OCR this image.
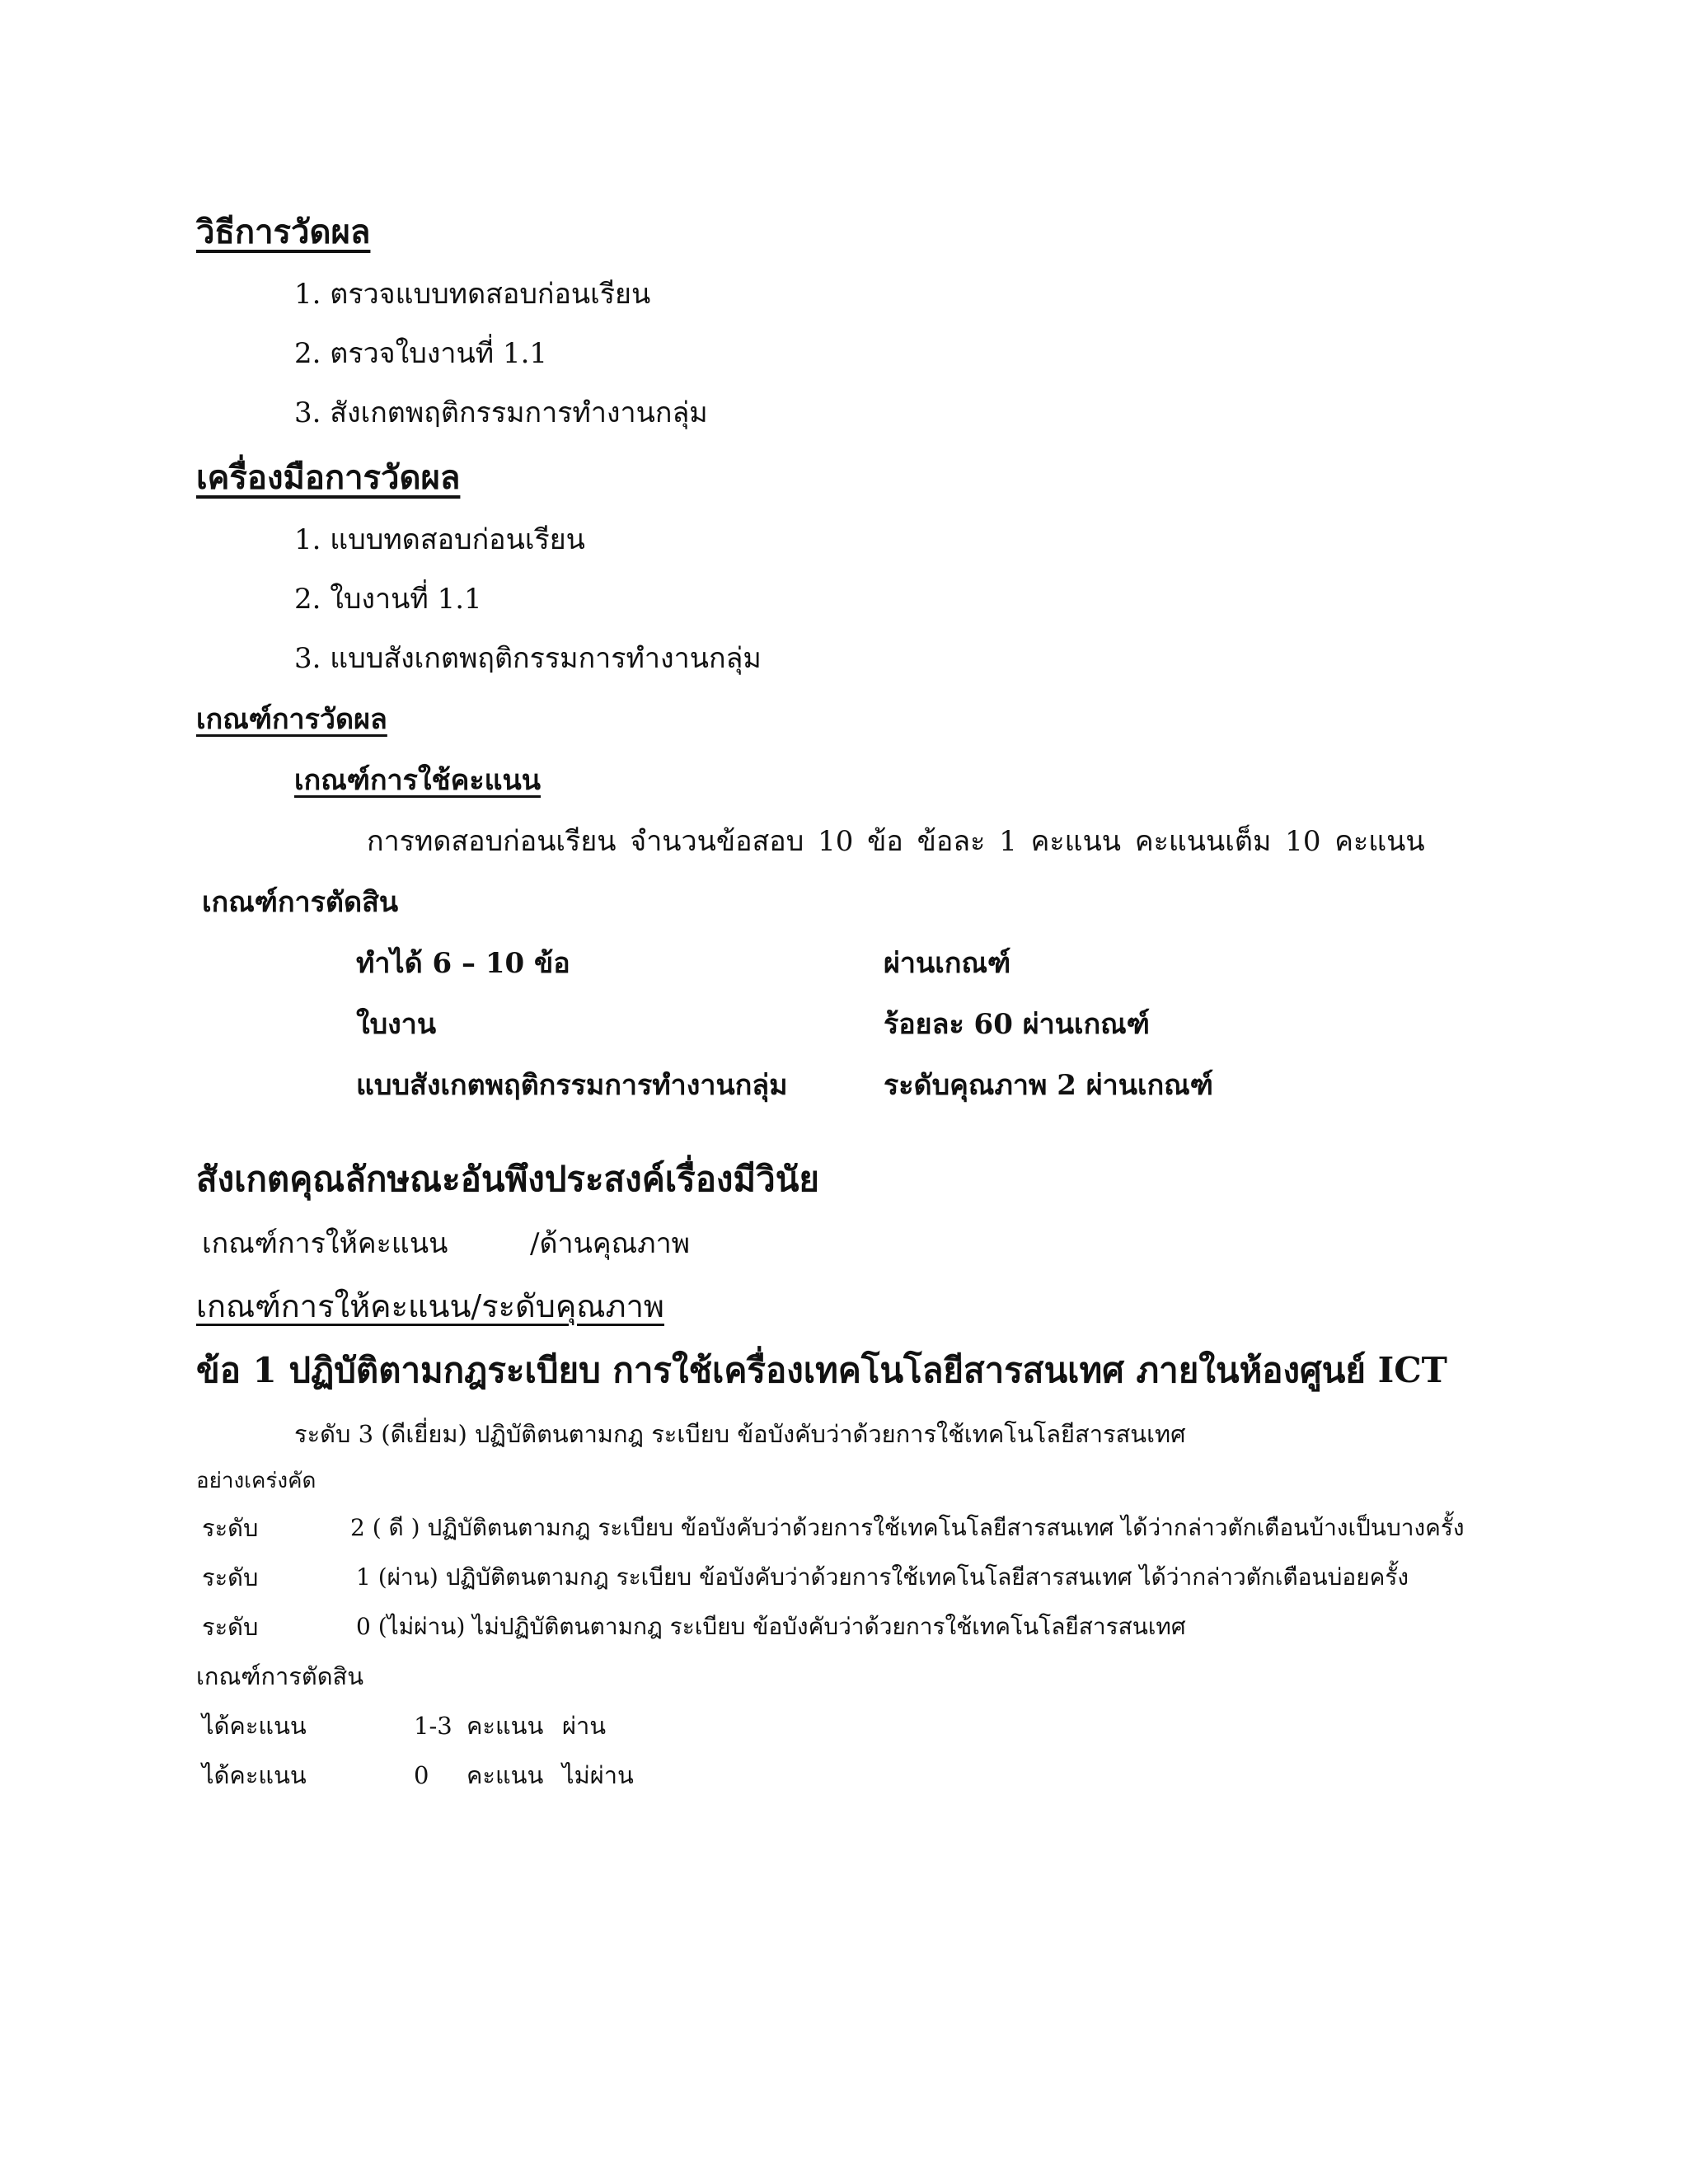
วิธีการวัดผล
1. ตรวจแบบทดสอบก่อนเรียน
2. ตรวจใบงานที่ 1.1
3. สังเกตพฤติกรรมการทำงานกลุ่ม
เครื่องมือการวัดผล
1. แบบทดสอบก่อนเรียน
2. ใบงานที่ 1.1
3. แบบสังเกตพฤติกรรมการทำงานกลุ่ม
เกณฑ์การวัดผล
เกณฑ์การใช้คะแนน
การทดสอบก่อนเรียน จำนวนข้อสอบ 10 ข้อ ข้อละ 1 คะแนน คะแนนเต็ม 10 คะแนน
เกณฑ์การตัดสิน
ทำได้ 6 – 10 ข้อ	ผ่านเกณฑ์
ใบงาน	ร้อยละ 60 ผ่านเกณฑ์
แบบสังเกตพฤติกรรมการทำงานกลุ่ม	ระดับคุณภาพ 2 ผ่านเกณฑ์
สังเกตคุณลักษณะอันพึงประสงค์เรื่องมีวินัย
เกณฑ์การให้คะแนน	/ด้านคุณภาพ
เกณฑ์การให้คะแนน/ระดับคุณภาพ
ข้อ 1 ปฏิบัติตามกฎระเบียบ การใช้เครื่องเทคโนโลยีสารสนเทศ ภายในห้องศูนย์ ICT
ระดับ 3 (ดีเยี่ยม) ปฏิบัติตนตามกฎ ระเบียบ ข้อบังคับว่าด้วยการใช้เทคโนโลยีสารสนเทศ
อย่างเคร่งคัด
ระดับ	2 ( ดี ) ปฏิบัติตนตามกฎ ระเบียบ ข้อบังคับว่าด้วยการใช้เทคโนโลยีสารสนเทศ ได้ว่ากล่าวตักเตือนบ้างเป็นบางครั้ง
ระดับ	1 (ผ่าน) ปฏิบัติตนตามกฎ ระเบียบ ข้อบังคับว่าด้วยการใช้เทคโนโลยีสารสนเทศ ได้ว่ากล่าวตักเตือนบ่อยครั้ง
ระดับ	0 (ไม่ผ่าน) ไม่ปฏิบัติตนตามกฎ ระเบียบ ข้อบังคับว่าด้วยการใช้เทคโนโลยีสารสนเทศ
เกณฑ์การตัดสิน
ได้คะแนน	1-3 คะแนน ผ่าน
ได้คะแนน	0 คะแนน ไม่ผ่าน
